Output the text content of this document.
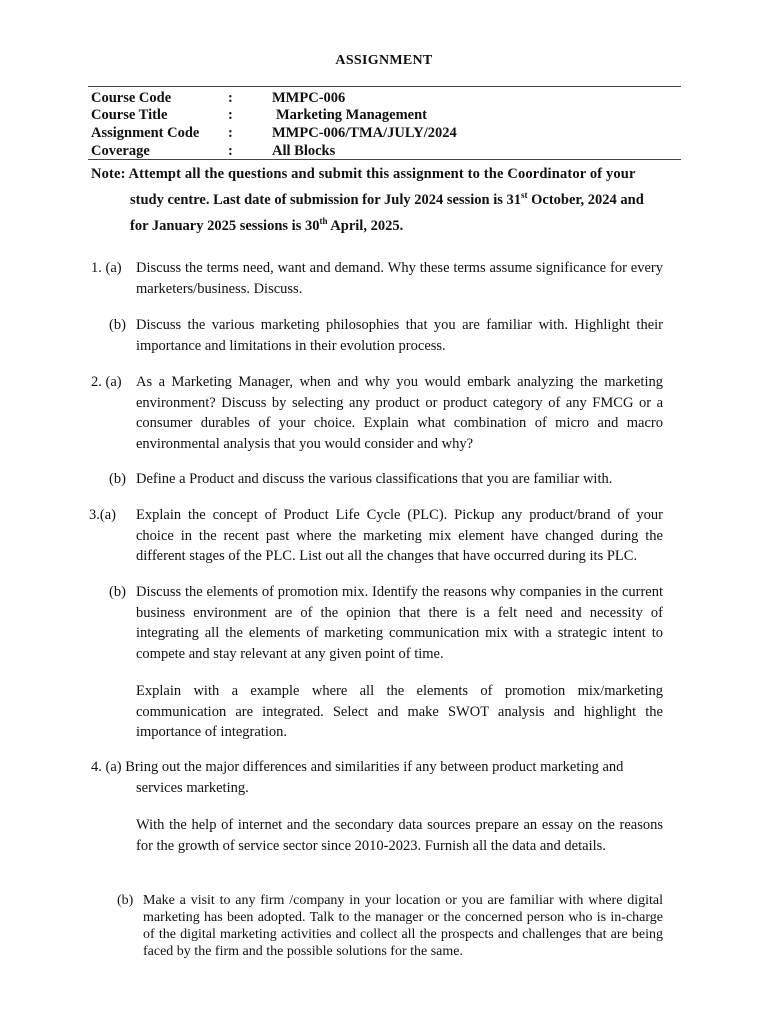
ASSIGNMENT
Course Code	:	MMPC-006
Course Title	:	Marketing Management
Assignment Code :	MMPC-006/TMA/JULY/2024
Coverage	:	All Blocks
Note: Attempt all the questions and submit this assignment to the Coordinator of your
study centre. Last date of submission for July 2024 session is 31st October, 2024 and
for January 2025 sessions is 30th April, 2025.
1. (a) Discuss the terms need, want and demand. Why these terms assume significance for every marketers/business. Discuss.
(b) Discuss the various marketing philosophies that you are familiar with. Highlight their importance and limitations in their evolution process.
2. (a) As a Marketing Manager, when and why you would embark analyzing the marketing environment? Discuss by selecting any product or product category of any FMCG or a consumer durables of your choice. Explain what combination of micro and macro environmental analysis that you would consider and why?
(b) Define a Product and discuss the various classifications that you are familiar with.
3.(a) Explain the concept of Product Life Cycle (PLC). Pickup any product/brand of your choice in the recent past where the marketing mix element have changed during the different stages of the PLC. List out all the changes that have occurred during its PLC.
(b) Discuss the elements of promotion mix. Identify the reasons why companies in the current business environment are of the opinion that there is a felt need and necessity of integrating all the elements of marketing communication mix with a strategic intent to compete and stay relevant at any given point of time.

Explain with a example where all the elements of promotion mix/marketing communication are integrated. Select and make SWOT analysis and highlight the importance of integration.

4. (a) Bring out the major differences and similarities if any between product marketing and
services marketing.

With the help of internet and the secondary data sources prepare an essay on the reasons for the growth of service sector since 2010-2023. Furnish all the data and details.

(b) Make a visit to any firm /company in your location or you are familiar with where digital marketing has been adopted. Talk to the manager or the concerned person who is in-charge of the digital marketing activities and collect all the prospects and challenges that are being faced by the firm and the possible solutions for the same.
